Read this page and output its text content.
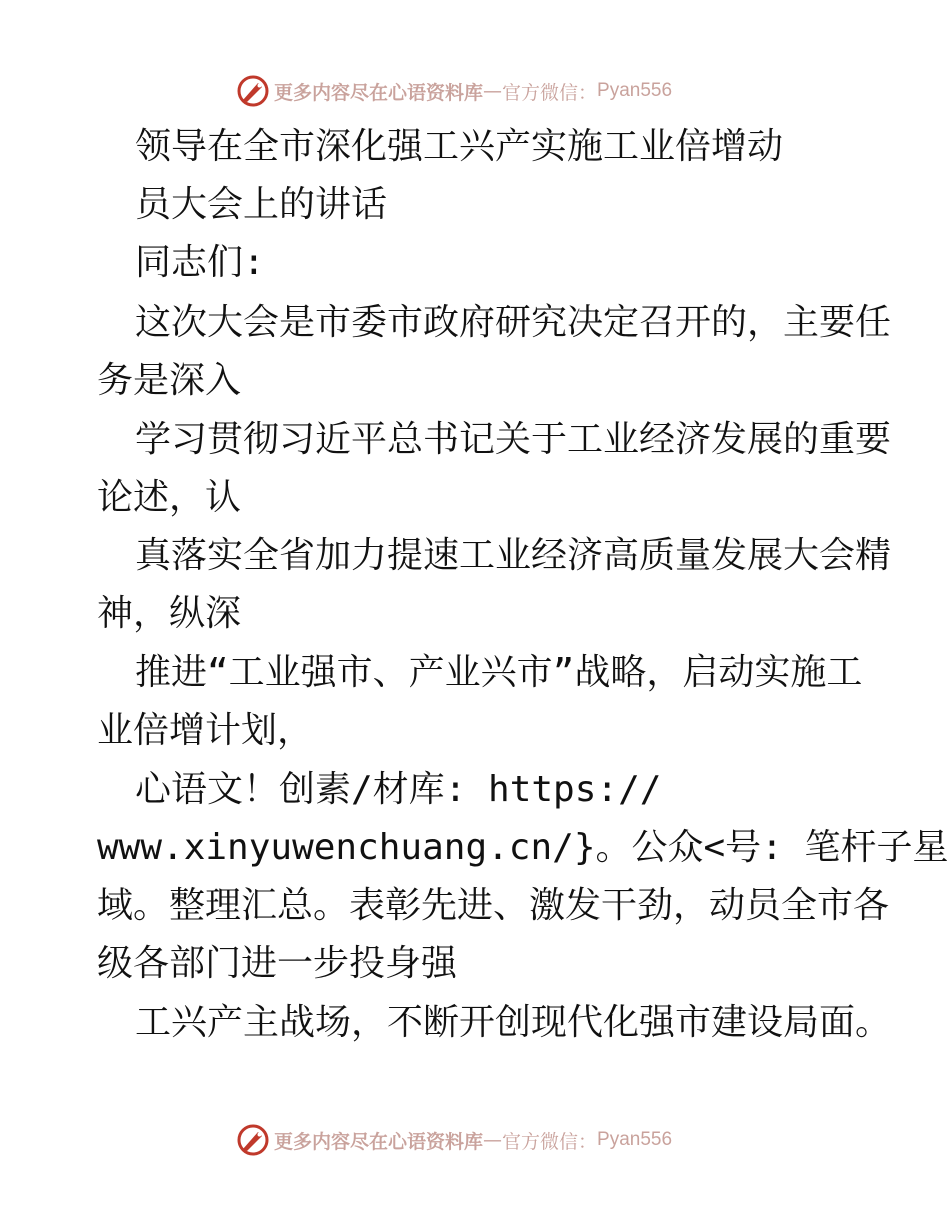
更多内容尽在心语资料库 — 官方微信： Pyan556
领导在全市深化强工兴产实施工业倍增动
员大会上的讲话
同志们:
这次大会是市委市政府研究决定召开的，主要任
务是深入
学习贯彻习近平总书记关于工业经济发展的重要
论述，认
真落实全省加力提速工业经济高质量发展大会精
神，纵深
推进“工业强市、产业兴市”战略，启动实施工
业倍增计划，
心语文！创素/材库: https://
www.xinyuwenchuang.cn/}。公众<号: 笔杆子星
域。整理汇总。表彰先进、激发干劲，动员全市各
级各部门进一步投身强
工兴产主战场，不断开创现代化强市建设局面。
更多内容尽在心语资料库 — 官方微信： Pyan556
